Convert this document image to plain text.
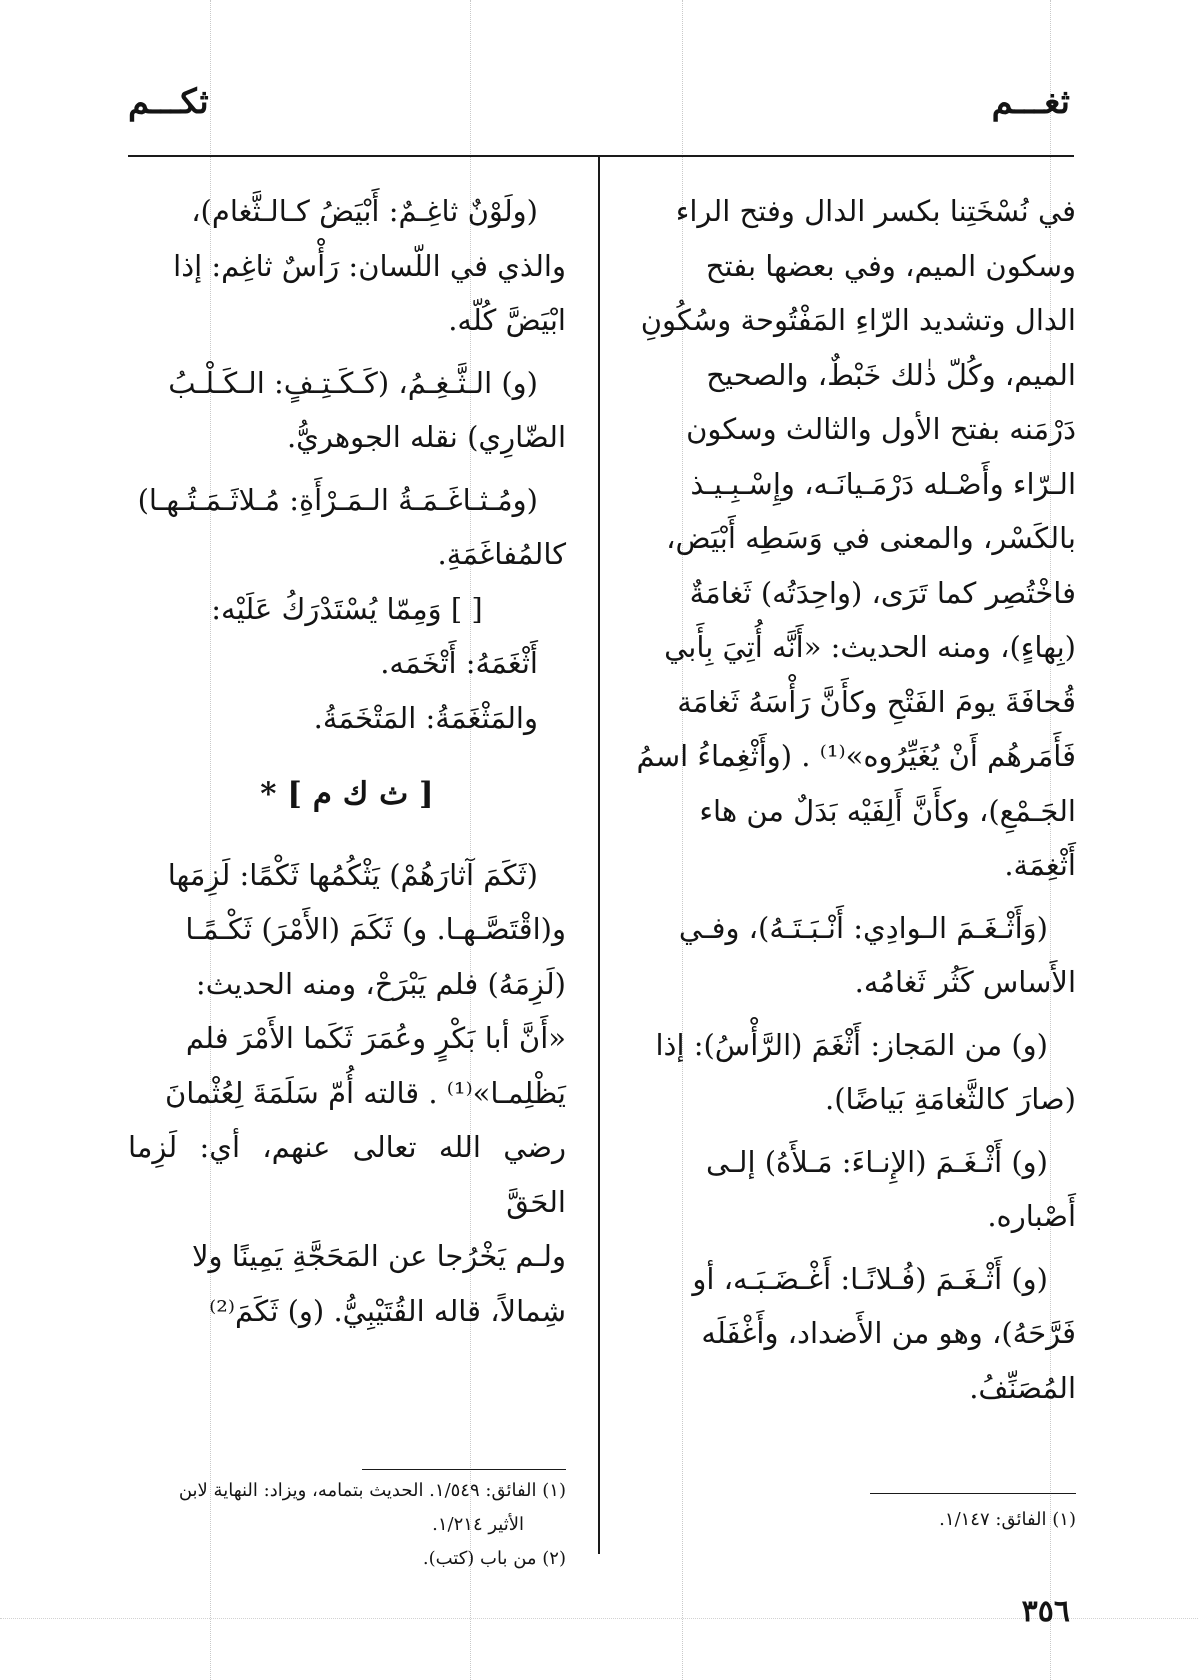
ثغـــم
ثكـــم

في نُسْخَتِنا بكسر الدال وفتح الراء

وسكون الميم، وفي بعضها بفتح

الدال وتشديد الرّاءِ المَفْتُوحة وسُكُونِ

الميم، وكُلّ ذٰلك خَبْطٌ، والصحيح

دَرْمَنه بفتح الأول والثالث وسكون

الـرّاء وأَصْـله دَرْمَـيانَـه، وإِسْـبِـيـذ

بالكَسْر، والمعنى في وَسَطِه أَبْيَض،

فاخْتُصِر كما تَرَى، (واحِدَتُه) ثَغامَةٌ

(بِهاءٍ)، ومنه الحديث: «أَنَّه أُتِيَ بِأَبي

قُحافَةَ يومَ الفَتْحِ وكأَنَّ رَأْسَهُ ثَغامَة

فَأَمَرهُم أَنْ يُغَيِّرُوه»⁽¹⁾ . (وأَثْغِماءُ اسمُ

الجَـمْعِ)، وكأَنَّ أَلِفَيْه بَدَلٌ من هاء

أَثْغِمَة.

(وَأَثْـغَـمَ الـوادِي: أَنْـبَـتَـهُ)، وفـي

الأَساس كَثُر ثَغامُه.

(و) من المَجاز: أَثْغَمَ (الرَّأْسُ): إذا

(صارَ كالثَّغامَةِ بَياضًا).

(و) أَثْـغَـمَ (الإِنـاءَ: مَـلأَهُ) إلـى

أَصْباره.

(و) أَثْـغَـمَ (فُـلانًـا: أَغْـضَـبَـه، أو

فَرَّحَهُ)، وهو من الأَضداد، وأَغْفَلَه

المُصَنِّفُ.

(١) الفائق: ١/١٤٧.

(ولَوْنٌ ثاغِـمٌ: أَبْيَضُ كـالـثَّغام)،

والذي في اللّسان: رَأْسٌ ثاغِم: إذا

ابْيَضَّ كُلّه.

(و) الـثَّـغِـمُ، (كَـكَـتِـفٍ: الـكَـلْـبُ

الضّارِي) نقله الجوهريُّ.

(ومُـثـاغَـمَـةُ الـمَـرْأَةِ: مُـلاثَـمَـتُـهـا)

كالمُفاغَمَةِ.

[ ] وَمِمّا يُسْتَدْرَكُ عَلَيْه:

أَثْغَمَهُ: أَتْخَمَه.

والمَثْغَمَةُ: المَتْخَمَةُ.

[ ث ك م ] *

(ثَكَمَ آثارَهُمْ) يَثْكُمُها ثَكْمًا: لَزِمَها

و(اقْتَصَّـهـا. و) ثَكَمَ (الأَمْرَ) ثَكْـمًـا

(لَزِمَهُ) فلم يَبْرَحْ، ومنه الحديث:

«أَنَّ أبا بَكْرٍ وعُمَرَ ثَكَما الأَمْرَ فلم

يَظْلِمـا»⁽¹⁾ . قالته أُمّ سَلَمَةَ لِعُثْمانَ

رضي الله تعالى عنهم، أي: لَزِما الحَقَّ

ولـم يَخْرُجا عن المَحَجَّةِ يَمِينًا ولا

شِمالاً، قاله القُتَيْبِيُّ. (و) ثَكَمَ⁽²⁾

(١) الفائق: ١/٥٤٩. الحديث بتمامه، ويزاد: النهاية لابن

الأثير ١/٢١٤.

(٢) من باب (كتب).

٣٥٦
